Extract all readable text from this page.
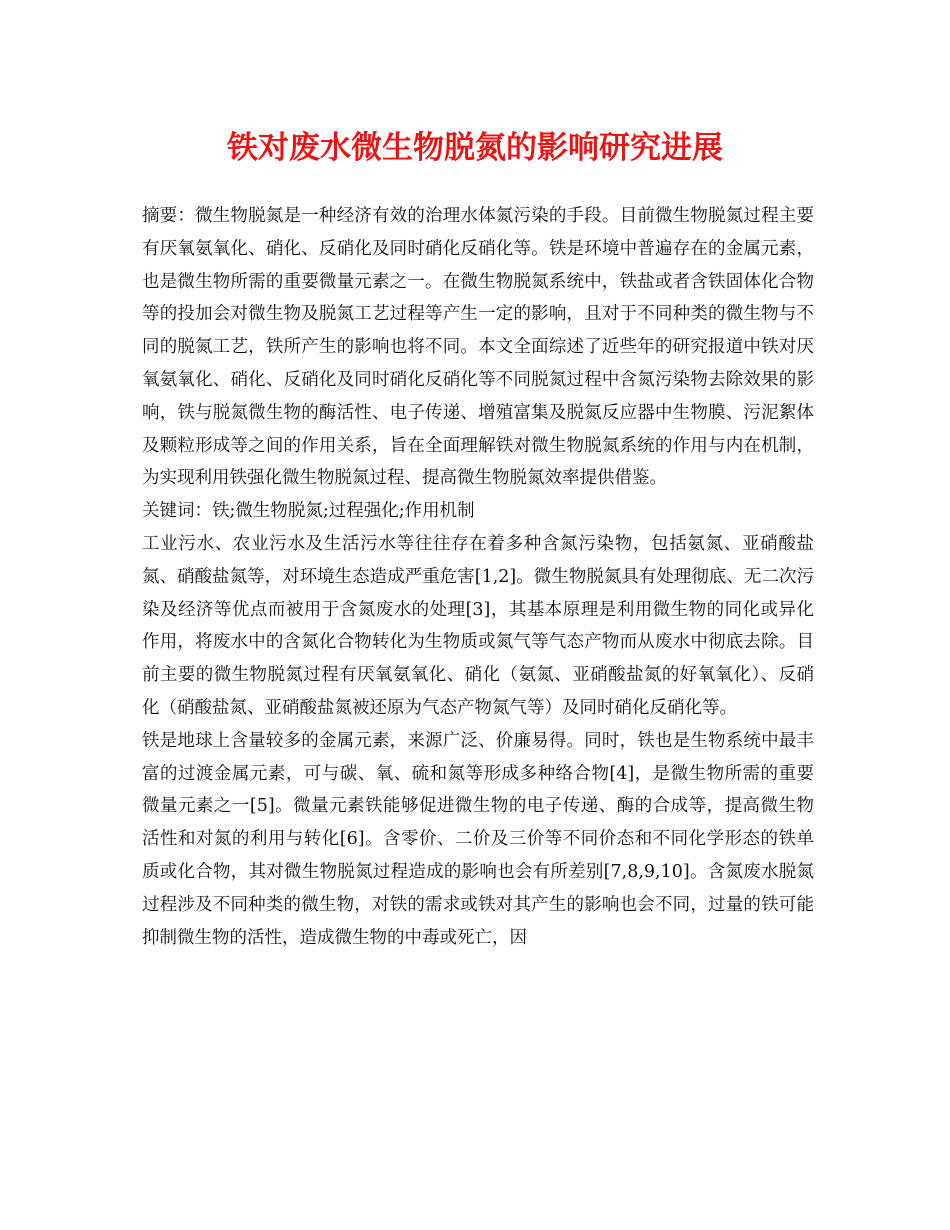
铁对废水微生物脱氮的影响研究进展

摘要：微生物脱氮是一种经济有效的治理水体氮污染的手段。目前微生物脱氮过程主要有厌氧氨氧化、硝化、反硝化及同时硝化反硝化等。铁是环境中普遍存在的金属元素，也是微生物所需的重要微量元素之一。在微生物脱氮系统中，铁盐或者含铁固体化合物等的投加会对微生物及脱氮工艺过程等产生一定的影响，且对于不同种类的微生物与不同的脱氮工艺，铁所产生的影响也将不同。本文全面综述了近些年的研究报道中铁对厌氧氨氧化、硝化、反硝化及同时硝化反硝化等不同脱氮过程中含氮污染物去除效果的影响，铁与脱氮微生物的酶活性、电子传递、增殖富集及脱氮反应器中生物膜、污泥絮体及颗粒形成等之间的作用关系，旨在全面理解铁对微生物脱氮系统的作用与内在机制，为实现利用铁强化微生物脱氮过程、提高微生物脱氮效率提供借鉴。

关键词：铁;微生物脱氮;过程强化;作用机制

工业污水、农业污水及生活污水等往往存在着多种含氮污染物，包括氨氮、亚硝酸盐氮、硝酸盐氮等，对环境生态造成严重危害[1,2]。微生物脱氮具有处理彻底、无二次污染及经济等优点而被用于含氮废水的处理[3]，其基本原理是利用微生物的同化或异化作用，将废水中的含氮化合物转化为生物质或氮气等气态产物而从废水中彻底去除。目前主要的微生物脱氮过程有厌氧氨氧化、硝化（氨氮、亚硝酸盐氮的好氧氧化）、反硝化（硝酸盐氮、亚硝酸盐氮被还原为气态产物氮气等）及同时硝化反硝化等。

铁是地球上含量较多的金属元素，来源广泛、价廉易得。同时，铁也是生物系统中最丰富的过渡金属元素，可与碳、氧、硫和氮等形成多种络合物[4]，是微生物所需的重要微量元素之一[5]。微量元素铁能够促进微生物的电子传递、酶的合成等，提高微生物活性和对氮的利用与转化[6]。含零价、二价及三价等不同价态和不同化学形态的铁单质或化合物，其对微生物脱氮过程造成的影响也会有所差别[7,8,9,10]。含氮废水脱氮过程涉及不同种类的微生物，对铁的需求或铁对其产生的影响也会不同，过量的铁可能抑制微生物的活性，造成微生物的中毒或死亡，因
